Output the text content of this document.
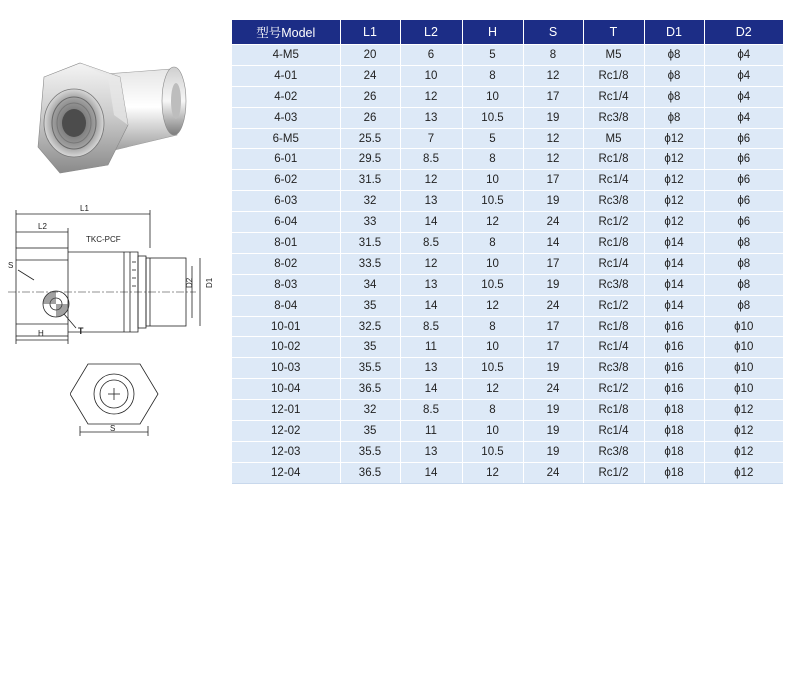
L1
L2
TKC-PCF
S
D2 D1
H	T
S
型号Model	L1	L2	H	S	T	D1	D2
4-M5	20	6	5	8	M5	ϕ8	ϕ4
4-01	24	10	8	12	Rc1/8	ϕ8	ϕ4
4-02	26	12	10	17	Rc1/4	ϕ8	ϕ4
4-03	26	13	10.5	19	Rc3/8	ϕ8	ϕ4
6-M5	25.5	7	5	12	M5	ϕ12	ϕ6
6-01	29.5	8.5	8	12	Rc1/8	ϕ12	ϕ6
6-02	31.5	12	10	17	Rc1/4	ϕ12	ϕ6
6-03	32	13	10.5	19	Rc3/8	ϕ12	ϕ6
6-04	33	14	12	24	Rc1/2	ϕ12	ϕ6
8-01	31.5	8.5	8	14	Rc1/8	ϕ14	ϕ8
8-02	33.5	12	10	17	Rc1/4	ϕ14	ϕ8
8-03	34	13	10.5	19	Rc3/8	ϕ14	ϕ8
8-04	35	14	12	24	Rc1/2	ϕ14	ϕ8
10-01	32.5	8.5	8	17	Rc1/8	ϕ16	ϕ10
10-02	35	11	10	17	Rc1/4	ϕ16	ϕ10
10-03	35.5	13	10.5	19	Rc3/8	ϕ16	ϕ10
10-04	36.5	14	12	24	Rc1/2	ϕ16	ϕ10
12-01	32	8.5	8	19	Rc1/8	ϕ18	ϕ12
12-02	35	11	10	19	Rc1/4	ϕ18	ϕ12
12-03	35.5	13	10.5	19	Rc3/8	ϕ18	ϕ12
12-04	36.5	14	12	24	Rc1/2	ϕ18	ϕ12
